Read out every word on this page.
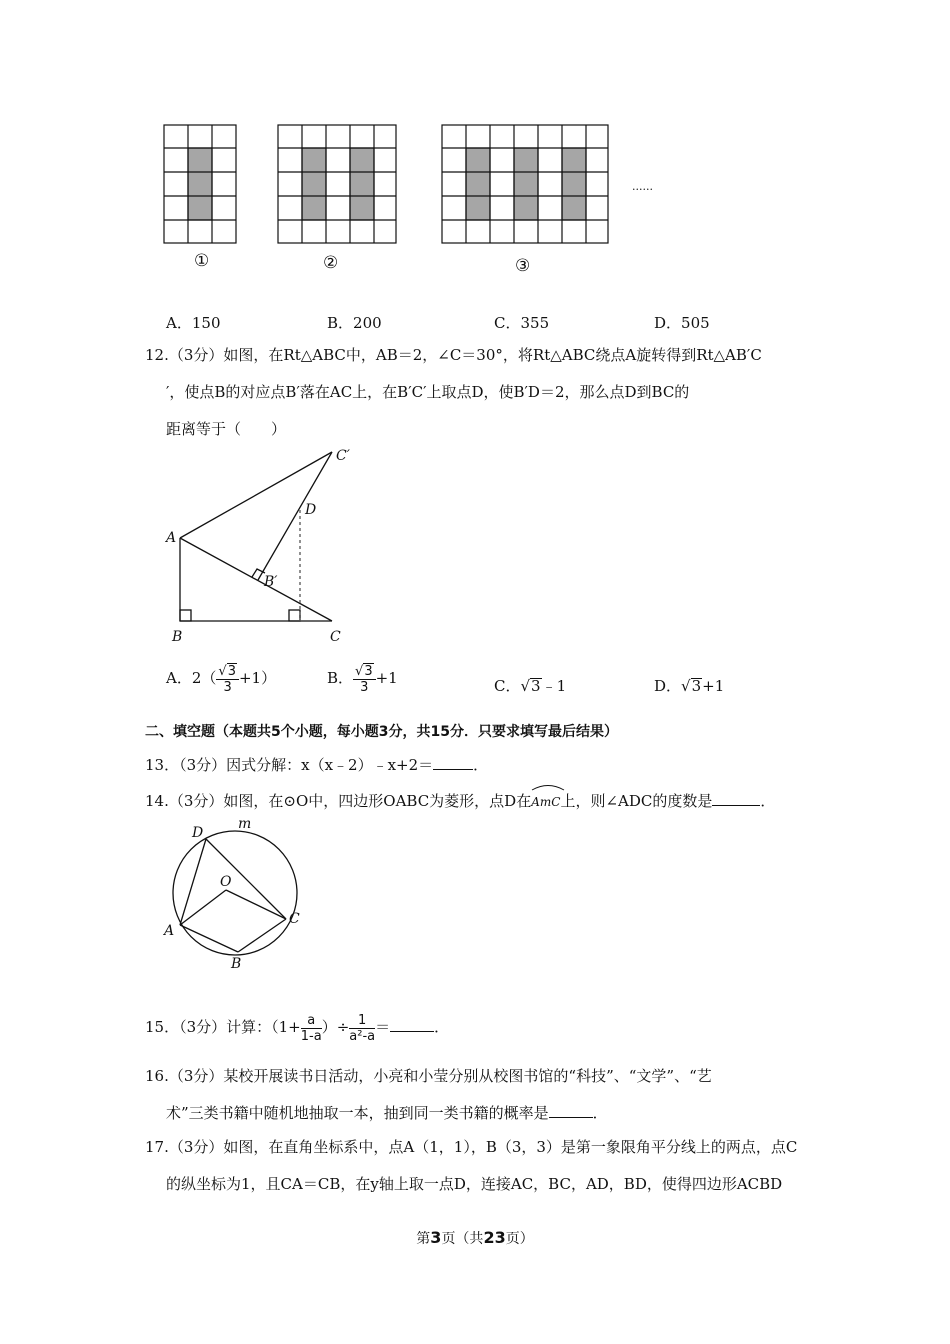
①	②	③
......
A．150	B．200	C．355	D．505
12.（3分）如图，在Rt△ABC中，AB＝2，∠C＝30°，将Rt△ABC绕点A旋转得到Rt△AB′C
′，使点B的对应点B′落在AC上，在B′C′上取点D，使B′D＝2，那么点D到BC的
距离等于（　　）
A
B	C
C′
D
B′
A．$2( \frac{√3}{3} +1)$	B． $\frac{√3}{3} +1$	C．√3﹣1	D．√3+1
二、填空题（本题共5个小题，每小题3分，共15分．只要求填写最后结果）
13．（3分）因式分解：x（x﹣2）﹣x+2＝	．
14.（3分）如图，在⊙O中，四边形OABC为菱形，点D在
AmC上，则∠ADC的度数是	．
D
m
O
A
C
B
15．（3分）计算：（$1+ \frac{a}{1-a}$ ）÷ $\frac{1}{\text{a²-a}}$ ＝	．
16.（3分）某校开展读书日活动，小亮和小莹分别从校图书馆的“科技”、“文学”、“艺
术”三类书籍中随机地抽取一本，抽到同一类书籍的概率是	．
17.（3分）如图，在直角坐标系中，点A（1，1），B（3，3）是第一象限角平分线上的两点，点C
的纵坐标为1，且CA＝CB，在y轴上取一点D，连接AC，BC，AD，BD，使得四边形ACBD
第3页（共23页）
